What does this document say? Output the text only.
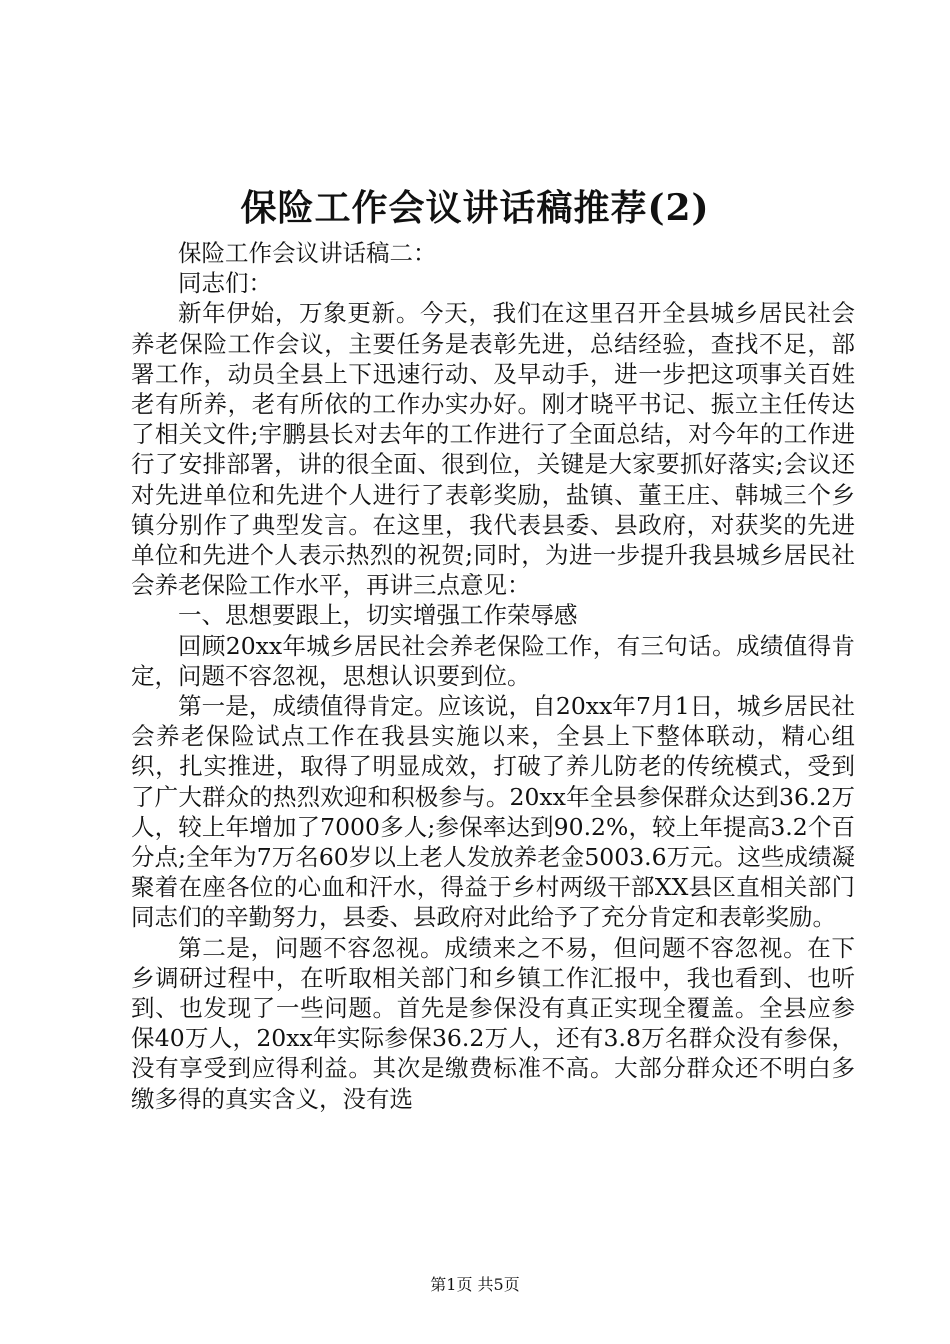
保险工作会议讲话稿推荐(2)

保险工作会议讲话稿二：

同志们：

新年伊始，万象更新。今天，我们在这里召开全县城乡居民社会养老保险工作会议，主要任务是表彰先进，总结经验，查找不足，部署工作，动员全县上下迅速行动、及早动手，进一步把这项事关百姓老有所养，老有所依的工作办实办好。刚才晓平书记、振立主任传达了相关文件;宇鹏县长对去年的工作进行了全面总结，对今年的工作进行了安排部署，讲的很全面、很到位，关键是大家要抓好落实;会议还对先进单位和先进个人进行了表彰奖励，盐镇、董王庄、韩城三个乡镇分别作了典型发言。在这里，我代表县委、县政府，对获奖的先进单位和先进个人表示热烈的祝贺;同时，为进一步提升我县城乡居民社会养老保险工作水平，再讲三点意见：

一、思想要跟上，切实增强工作荣辱感

回顾20xx年城乡居民社会养老保险工作，有三句话。成绩值得肯定，问题不容忽视，思想认识要到位。

第一是，成绩值得肯定。应该说，自20xx年7月1日，城乡居民社会养老保险试点工作在我县实施以来，全县上下整体联动，精心组织，扎实推进，取得了明显成效，打破了养儿防老的传统模式，受到了广大群众的热烈欢迎和积极参与。20xx年全县参保群众达到36.2万人，较上年增加了7000多人;参保率达到90.2%，较上年提高3.2个百分点;全年为7万名60岁以上老人发放养老金5003.6万元。这些成绩凝聚着在座各位的心血和汗水，得益于乡村两级干部XX县区直相关部门同志们的辛勤努力，县委、县政府对此给予了充分肯定和表彰奖励。

第二是，问题不容忽视。成绩来之不易，但问题不容忽视。在下乡调研过程中，在听取相关部门和乡镇工作汇报中，我也看到、也听到、也发现了一些问题。首先是参保没有真正实现全覆盖。全县应参保40万人，20xx年实际参保36.2万人，还有3.8万名群众没有参保，没有享受到应得利益。其次是缴费标准不高。大部分群众还不明白多缴多得的真实含义，没有选

第1页 共5页
